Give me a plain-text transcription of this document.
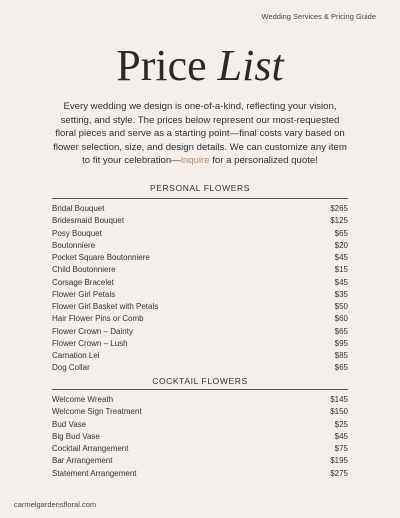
Wedding Services & Pricing Guide
Price List
Every wedding we design is one-of-a-kind, reflecting your vision, setting, and style. The prices below represent our most-requested floral pieces and serve as a starting point—final costs vary based on flower selection, size, and design details. We can customize any item to fit your celebration—inquire for a personalized quote!
PERSONAL FLOWERS
Bridal Bouquet	$265
Bridesmaid Bouquet	$125
Posy Bouquet	$65
Boutonniere	$20
Pocket Square Boutonniere	$45
Child Boutonniere	$15
Corsage Bracelet	$45
Flower Girl Petals	$35
Flower Girl Basket with Petals	$50
Hair Flower Pins or Comb	$60
Flower Crown – Dainty	$65
Flower Crown – Lush	$95
Carnation Lei	$85
Dog Collar	$65
COCKTAIL FLOWERS
Welcome Wreath	$145
Welcome Sign Treatment	$150
Bud Vase	$25
Big Bud Vase	$45
Cocktail Arrangement	$75
Bar Arrangement	$195
Statement Arrangement	$275
carmelgardensfloral.com
